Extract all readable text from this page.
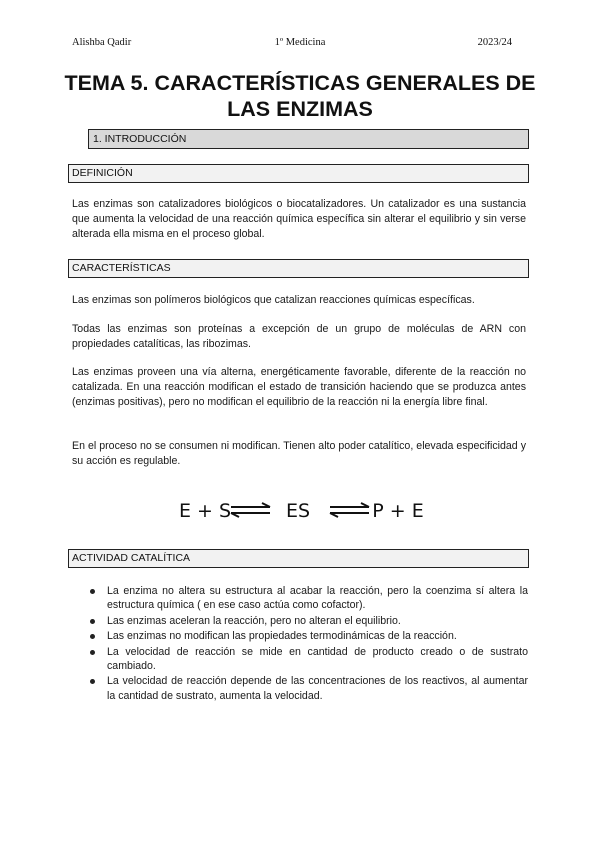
Alishba Qadir	1º Medicina	2023/24
TEMA 5. CARACTERÍSTICAS GENERALES DE
LAS ENZIMAS
1. INTRODUCCIÓN
DEFINICIÓN
Las enzimas son catalizadores biológicos o biocatalizadores. Un catalizador es una sustancia que aumenta la velocidad de una reacción química específica sin alterar el equilibrio y sin verse alterada ella misma en el proceso global.
CARACTERÍSTICAS
Las enzimas son polímeros biológicos que catalizan reacciones químicas específicas.
Todas las enzimas son proteínas a excepción de un grupo de moléculas de ARN con propiedades catalíticas, las ribozimas.
Las enzimas proveen una vía alterna, energéticamente favorable, diferente de la reacción no catalizada. En una reacción modifican el estado de transición haciendo que se produzca antes (enzimas positivas), pero no modifican el equilibrio de la reacción ni la energía libre final.
En el proceso no se consumen ni modifican. Tienen alto poder catalítico, elevada especificidad y su acción es regulable.
E + S	ES	P + E
ACTIVIDAD CATALÍTICA
La enzima no altera su estructura al acabar la reacción, pero la coenzima sí altera la estructura química ( en ese caso actúa como cofactor).
Las enzimas aceleran la reacción, pero no alteran el equilibrio.
Las enzimas no modifican las propiedades termodinámicas de la reacción.
La velocidad de reacción se mide en cantidad de producto creado o de sustrato cambiado.
La velocidad de reacción depende de las concentraciones de los reactivos, al aumentar la cantidad de sustrato, aumenta la velocidad.
